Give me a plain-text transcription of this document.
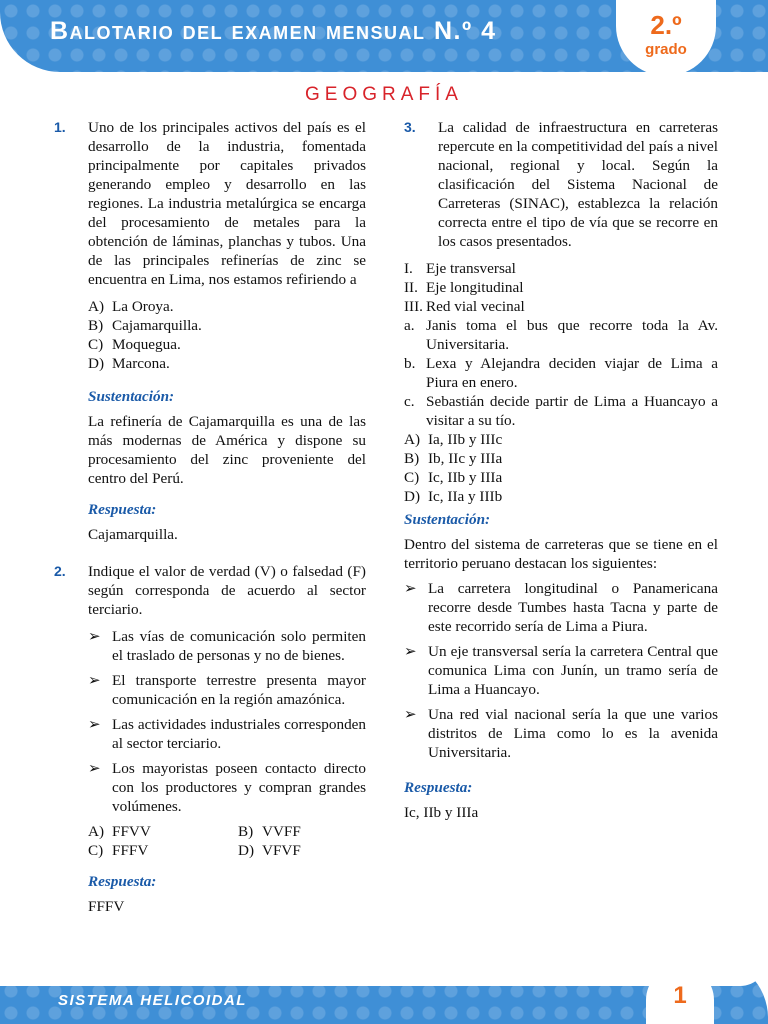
Balotario del examen mensual N.º 4	2.º
grado
GEOGRAFÍA
1. Uno de los principales activos del país es el desarrollo de la industria, fomentada principalmente por capitales privados generando empleo y desarrollo en las regiones. La industria metalúrgica se encarga del procesamiento de metales para la obtención de láminas, planchas y tubos. Una de las principales refinerías de zinc se encuentra en Lima, nos estamos refiriendo a

A) La Oroya.
B) Cajamarquilla.
C) Moquegua.
D) Marcona.
Sustentación:

La refinería de Cajamarquilla es una de las más modernas de América y dispone su procesamiento del zinc proveniente del centro del Perú.

Respuesta:
Cajamarquilla.
2. Indique el valor de verdad (V) o falsedad (F) según corresponda de acuerdo al sector terciario.

➢ Las vías de comunicación solo permiten el traslado de personas y no de bienes.
➢ El transporte terrestre presenta mayor comunicación en la región amazónica.
➢ Las actividades industriales corresponden al sector terciario.
➢ Los mayoristas poseen contacto directo con los productores y compran grandes volúmenes.
A) FFVV	B) VVFF
C) FFFV	D) VFVF
Respuesta:
FFFV
3. La calidad de infraestructura en carreteras repercute en la competitividad del país a nivel nacional, regional y local. Según la clasificación del Sistema Nacional de Carreteras (SINAC), establezca la relación correcta entre el tipo de vía que se recorre en los casos presentados.

I. Eje transversal
II. Eje longitudinal
III. Red vial vecinal
a. Janis toma el bus que recorre toda la Av. Universitaria.
b. Lexa y Alejandra deciden viajar de Lima a Piura en enero.
c. Sebastián decide partir de Lima a Huancayo a visitar a su tío.
A) Ia, IIb y IIIc
B) Ib, IIc y IIIa
C) Ic, IIb y IIIa
D) Ic, IIa y IIIb
Sustentación:

Dentro del sistema de carreteras que se tiene en el territorio peruano destacan los siguientes:

➢ La carretera longitudinal o Panamericana recorre desde Tumbes hasta Tacna y parte de este recorrido sería de Lima a Piura.
➢ Un eje transversal sería la carretera Central que comunica Lima con Junín, un tramo sería de Lima a Huancayo.
➢ Una red vial nacional sería la que une varios distritos de Lima como lo es la avenida Universitaria.
Respuesta:
Ic, IIb y IIIa
SISTEMA HELICOIDAL	1
